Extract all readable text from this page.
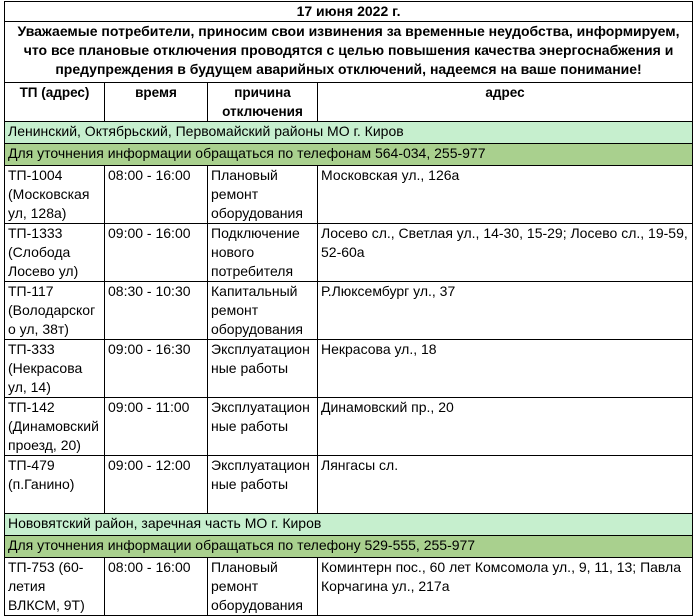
17 июня 2022 г.			
Уважаемые потребители, приносим свои извинения за временные неудобства, информируем, что все плановые отключения проводятся с целью повышения качества энергоснабжения и предупреждения в будущем аварийных отключений, надеемся на ваше понимание!			
ТП (адрес)	время	причина отключения	адрес
Ленинский, Октябрьский, Первомайский районы МО г. Киров			
Для уточнения информации обращаться по телефонам 564-034, 255-977			
ТП-1004 (Московская ул, 128а)	08:00 - 16:00	Плановый ремонт оборудования	Московская ул., 126а
ТП-1333 (Слобода Лосево ул)	09:00 - 16:00	Подключение нового потребителя	Лосево сл., Светлая ул., 14-30, 15-29; Лосево сл., 19-59, 52-60а
ТП-117 (Володарского ул, 38т)	08:30 - 10:30	Капитальный ремонт оборудования	Р.Люксембург ул., 37
ТП-333 (Некрасова ул, 14)	09:00 - 16:30	Эксплуатационные работы	Некрасова ул., 18
ТП-142 (Динамовский проезд, 20)	09:00 - 11:00	Эксплуатационные работы	Динамовский пр., 20
ТП-479 (п.Ганино)	09:00 - 12:00	Эксплуатационные работы	Лянгасы сл.
Нововятский район, заречная часть МО г. Киров			
Для уточнения информации обращаться по телефону 529-555, 255-977			
ТП-753 (60-летия ВЛКСМ, 9Т)	08:00 - 16:00	Плановый ремонт оборудования	Коминтерн пос., 60 лет Комсомола ул., 9, 11, 13; Павла Корчагина ул., 217а
